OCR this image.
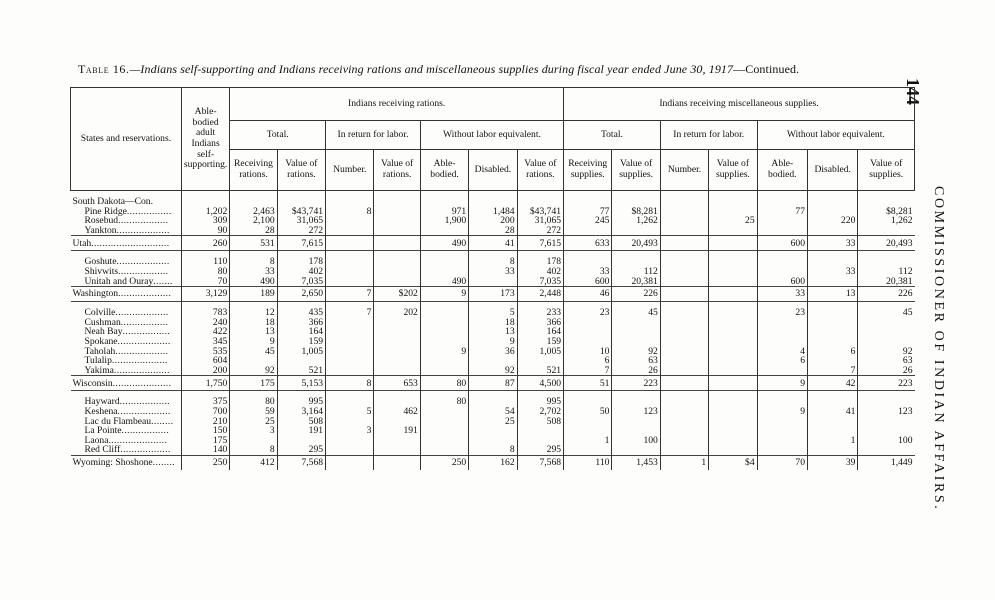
Table 16.—Indians self-supporting and Indians receiving rations and miscellaneous supplies during fiscal year ended June 30, 1917—Continued.
144
COMMISSIONER OF INDIAN AFFAIRS.
States and reservations.	Able-bodied adult Indians self-supporting.	Indians receiving rations.							Indians receiving miscellaneous supplies.						
		Total.		In return for labor.		Without labor equivalent.			Total.		In return for labor.		Without labor equivalent.		
		Receiving rations.	Value of rations.	Number.	Value of rations.	Able-bodied.	Disabled.	Value of rations.	Receiving supplies.	Value of supplies.	Number.	Value of supplies.	Able-bodied.	Disabled.	Value of supplies.

South Dakota—Con.															
Pine Ridge................	1,202	2,463	$43,741	8		971	1,484	$43,741	77	$8,281			77		$8,281
Rosebud..................	309	2,100	31,065			1,900	200	31,065	245	1,262		25		220	1,262
Yankton...................	90	28	272				28	272							
Utah............................	260	531	7,615			490	41	7,615	633	20,493			600	33	20,493

Goshute...................	110	8	178				8	178							
Shivwits..................	80	33	402				33	402	33	112				33	112
Unitah and Ouray.......	70	490	7,035			490		7,035	600	20,381			600		20,381
Washington...................	3,129	189	2,650	7	$202	9	173	2,448	46	226			33	13	226

Colville...................	783	12	435	7	202		5	233	23	45			23		45
Cushman.................	240	18	366				18	366							
Neah Bay.................	422	13	164				13	164							
Spokane...................	345	9	159				9	159							
Taholah...................	535	45	1,005			9	36	1,005	10	92			4	6	92
Tulalip....................	604								6	63			6		63
Yakima....................	200	92	521				92	521	7	26				7	26
Wisconsin.....................	1,750	175	5,153	8	653	80	87	4,500	51	223			9	42	223

Hayward..................	375	80	995			80		995							
Keshena...................	700	59	3,164	5	462		54	2,702	50	123			9	41	123
Lac du Flambeau........	210	25	508				25	508							
La Pointe.................	150	3	191	3	191										
Laona.....................	175								1	100				1	100
Red Cliff..................	140	8	295				8	295							
Wyoming: Shoshone........	250	412	7,568			250	162	7,568	110	1,453	1	$4	70	39	1,449
